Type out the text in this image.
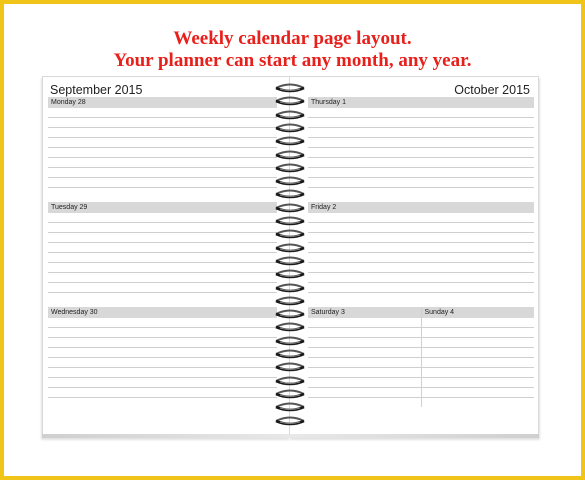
Weekly calendar page layout.
Your planner can start any month, any year.
September 2015
Monday 28
Tuesday 29
Wednesday 30
October 2015
Thursday 1
Friday 2
Saturday 3	Sunday 4
